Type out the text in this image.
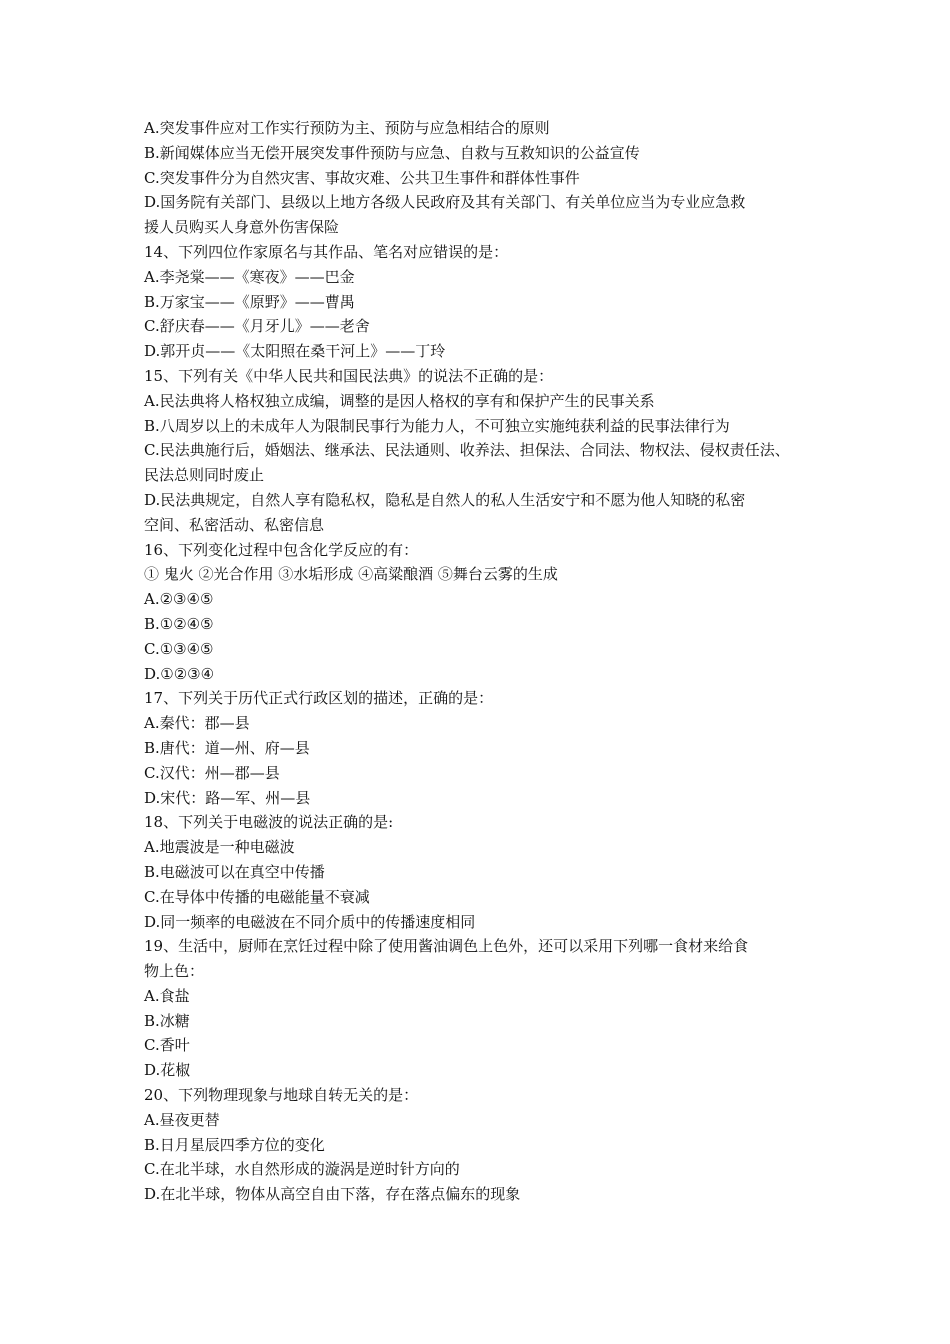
A.突发事件应对工作实行预防为主、预防与应急相结合的原则
B.新闻媒体应当无偿开展突发事件预防与应急、自救与互救知识的公益宣传
C.突发事件分为自然灾害、事故灾难、公共卫生事件和群体性事件
D.国务院有关部门、县级以上地方各级人民政府及其有关部门、有关单位应当为专业应急救
援人员购买人身意外伤害保险
14、下列四位作家原名与其作品、笔名对应错误的是：
A.李尧棠——《寒夜》——巴金
B.万家宝——《原野》——曹禺
C.舒庆春——《月牙儿》——老舍
D.郭开贞——《太阳照在桑干河上》——丁玲
15、下列有关《中华人民共和国民法典》的说法不正确的是：
A.民法典将人格权独立成编，调整的是因人格权的享有和保护产生的民事关系
B.八周岁以上的未成年人为限制民事行为能力人，不可独立实施纯获利益的民事法律行为
C.民法典施行后，婚姻法、继承法、民法通则、收养法、担保法、合同法、物权法、侵权责任法、
民法总则同时废止
D.民法典规定，自然人享有隐私权，隐私是自然人的私人生活安宁和不愿为他人知晓的私密
空间、私密活动、私密信息
16、下列变化过程中包含化学反应的有：
① 鬼火 ②光合作用 ③水垢形成 ④高粱酿酒 ⑤舞台云雾的生成
A.②③④⑤
B.①②④⑤
C.①③④⑤
D.①②③④
17、下列关于历代正式行政区划的描述，正确的是：
A.秦代：郡—县
B.唐代：道—州、府—县
C.汉代：州—郡—县
D.宋代：路—军、州—县
18、下列关于电磁波的说法正确的是:
A.地震波是一种电磁波
B.电磁波可以在真空中传播
C.在导体中传播的电磁能量不衰减
D.同一频率的电磁波在不同介质中的传播速度相同
19、生活中，厨师在烹饪过程中除了使用酱油调色上色外，还可以采用下列哪一食材来给食
物上色：
A.食盐
B.冰糖
C.香叶
D.花椒
20、下列物理现象与地球自转无关的是：
A.昼夜更替
B.日月星辰四季方位的变化
C.在北半球，水自然形成的漩涡是逆时针方向的
D.在北半球，物体从高空自由下落，存在落点偏东的现象
